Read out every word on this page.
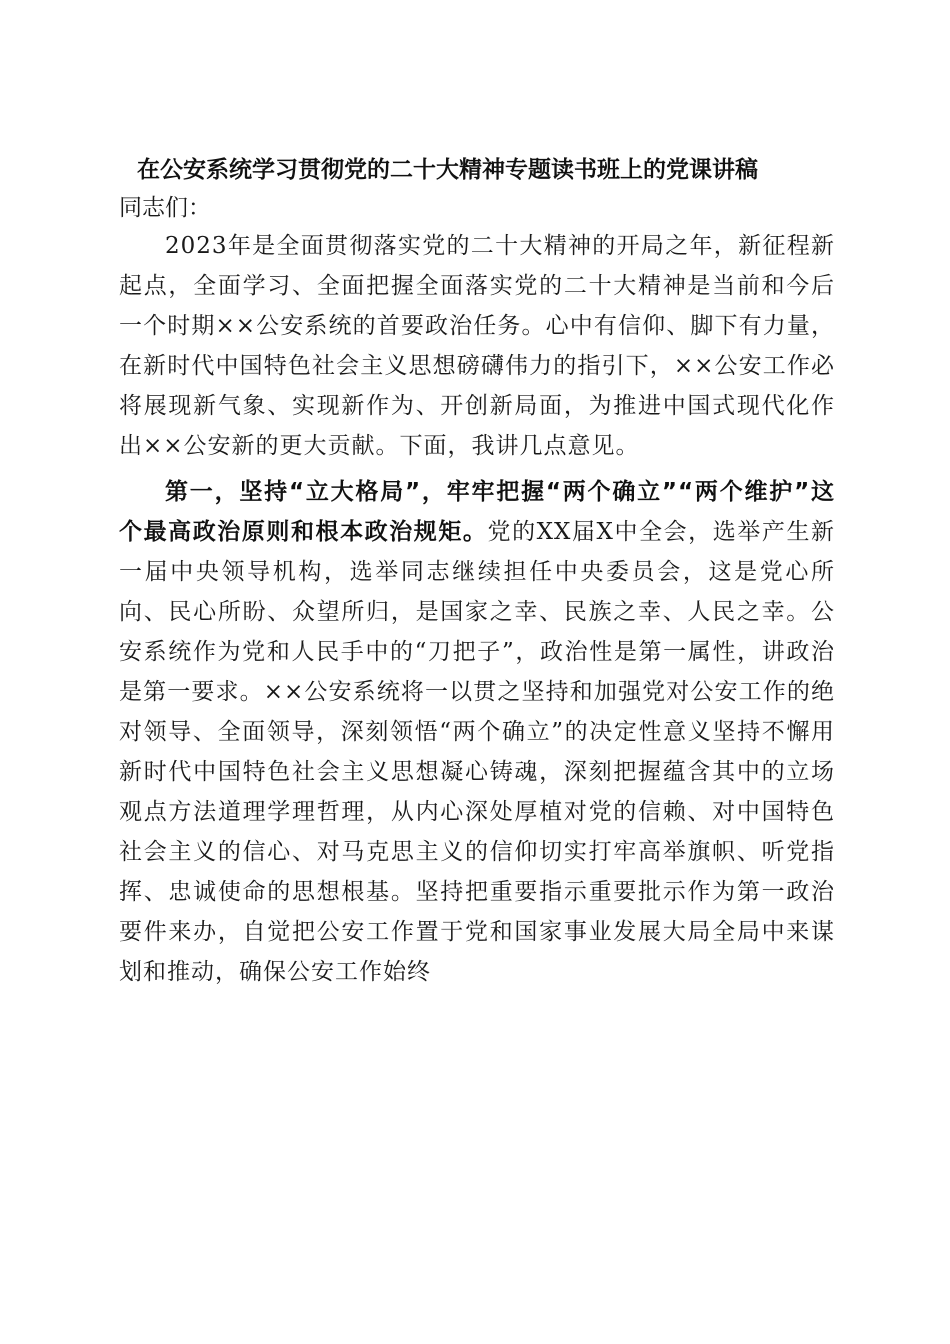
在公安系统学习贯彻党的二十大精神专题读书班上的党课讲稿

同志们：

2023年是全面贯彻落实党的二十大精神的开局之年，新征程新起点，全面学习、全面把握全面落实党的二十大精神是当前和今后一个时期××公安系统的首要政治任务。心中有信仰、脚下有力量，在新时代中国特色社会主义思想磅礴伟力的指引下，××公安工作必将展现新气象、实现新作为、开创新局面，为推进中国式现代化作出××公安新的更大贡献。下面，我讲几点意见。

第一，坚持“立大格局”，牢牢把握“两个确立”“两个维护”这个最高政治原则和根本政治规矩。党的XX届X中全会，选举产生新一届中央领导机构，选举同志继续担任中央委员会，这是党心所向、民心所盼、众望所归，是国家之幸、民族之幸、人民之幸。公安系统作为党和人民手中的“刀把子”，政治性是第一属性，讲政治是第一要求。××公安系统将一以贯之坚持和加强党对公安工作的绝对领导、全面领导，深刻领悟“两个确立”的决定性意义坚持不懈用新时代中国特色社会主义思想凝心铸魂，深刻把握蕴含其中的立场观点方法道理学理哲理，从内心深处厚植对党的信赖、对中国特色社会主义的信心、对马克思主义的信仰切实打牢高举旗帜、听党指挥、忠诚使命的思想根基。坚持把重要指示重要批示作为第一政治要件来办，自觉把公安工作置于党和国家事业发展大局全局中来谋划和推动，确保公安工作始终
